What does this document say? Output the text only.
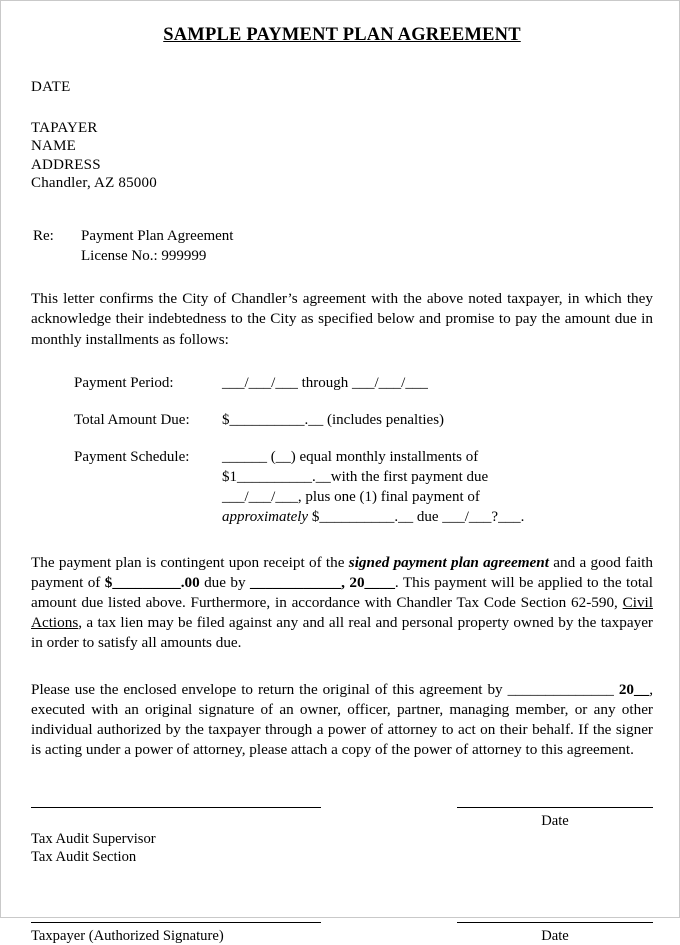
SAMPLE PAYMENT PLAN AGREEMENT
DATE
TAPAYER
NAME
ADDRESS
Chandler, AZ 85000
Re:	Payment Plan Agreement
License No.: 999999
This letter confirms the City of Chandler’s agreement with the above noted taxpayer, in which they acknowledge their indebtedness to the City as specified below and promise to pay the amount due in monthly installments as follows:
Payment Period:	___/___/___ through ___/___/___
Total Amount Due:	$__________.__ (includes penalties)
Payment Schedule:	______ (__) equal monthly installments of
$1__________.__with the first payment due
___/___/___, plus one (1) final payment of
approximately $__________.__ due ___/___?___.
The payment plan is contingent upon receipt of the signed payment plan agreement and a good faith payment of $_________.00 due by ____________, 20____. This payment will be applied to the total amount due listed above. Furthermore, in accordance with Chandler Tax Code Section 62-590, Civil Actions, a tax lien may be filed against any and all real and personal property owned by the taxpayer in order to satisfy all amounts due.
Please use the enclosed envelope to return the original of this agreement by ______________ 20__, executed with an original signature of an owner, officer, partner, managing member, or any other individual authorized by the taxpayer through a power of attorney to act on their behalf. If the signer is acting under a power of attorney, please attach a copy of the power of attorney to this agreement.
Date
Tax Audit Supervisor
Tax Audit Section
Taxpayer (Authorized Signature)	Date
